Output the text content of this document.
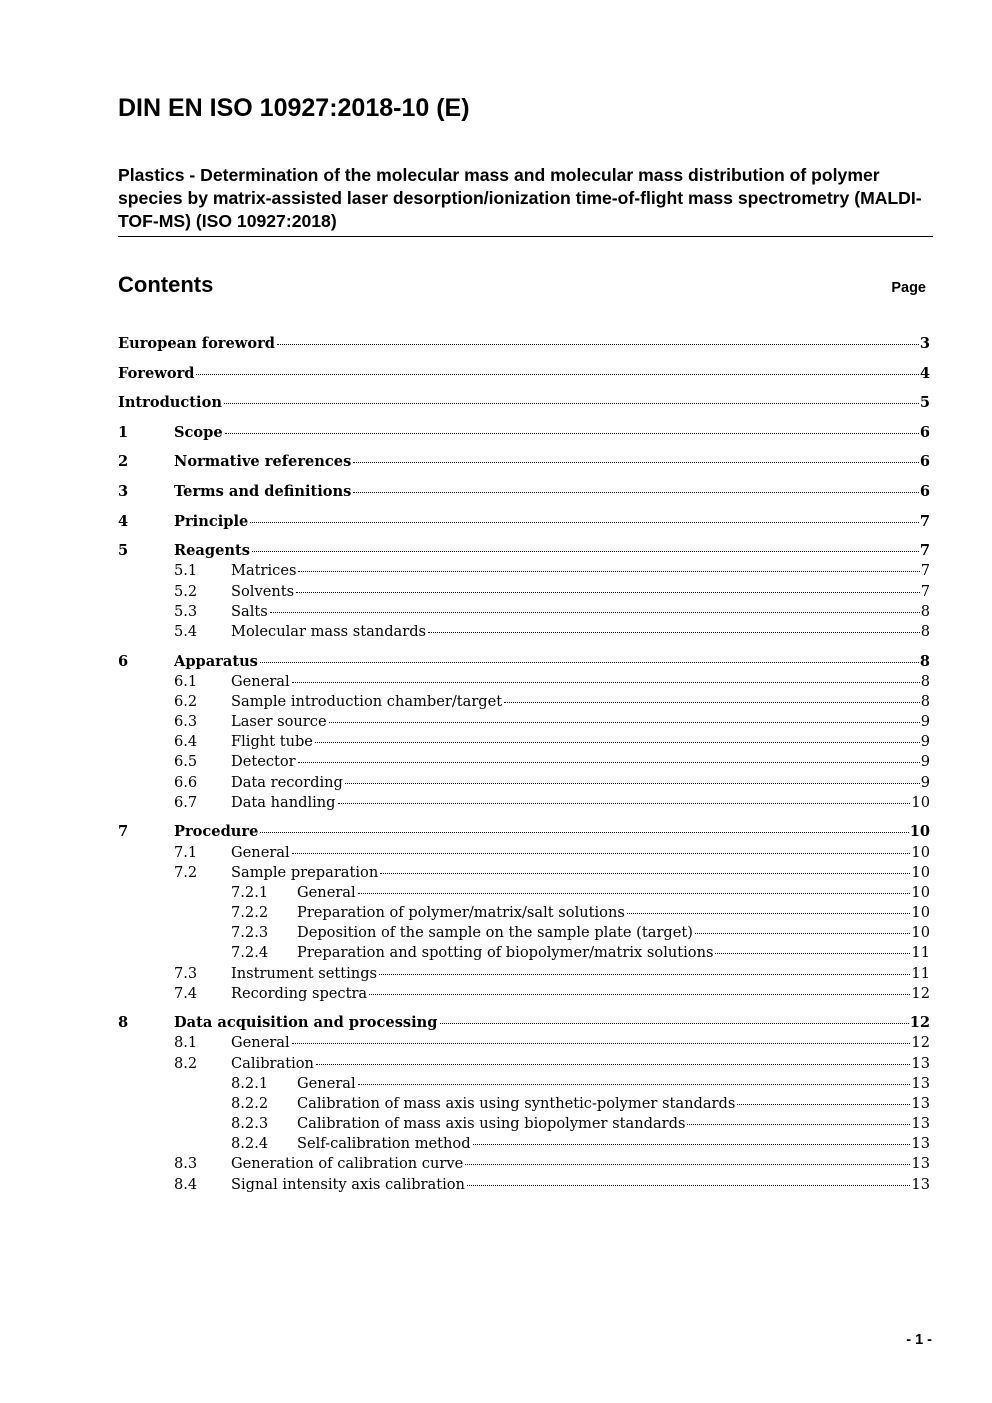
DIN EN ISO 10927:2018-10 (E)
Plastics - Determination of the molecular mass and molecular mass distribution of polymer species by matrix-assisted laser desorption/ionization time-of-flight mass spectrometry (MALDI-TOF-MS) (ISO 10927:2018)
Contents	Page
European foreword	3
Foreword	4
Introduction	5
1	Scope	6
2	Normative references	6
3	Terms and definitions	6
4	Principle	7
5	Reagents	7
5.1	Matrices	7
5.2	Solvents	7
5.3	Salts	8
5.4	Molecular mass standards	8
6	Apparatus	8
6.1	General	8
6.2	Sample introduction chamber/target	8
6.3	Laser source	9
6.4	Flight tube	9
6.5	Detector	9
6.6	Data recording	9
6.7	Data handling	10
7	Procedure	10
7.1	General	10
7.2	Sample preparation	10
7.2.1	General	10
7.2.2	Preparation of polymer/matrix/salt solutions	10
7.2.3	Deposition of the sample on the sample plate (target)	10
7.2.4	Preparation and spotting of biopolymer/matrix solutions	11
7.3	Instrument settings	11
7.4	Recording spectra	12
8	Data acquisition and processing	12
8.1	General	12
8.2	Calibration	13
8.2.1	General	13
8.2.2	Calibration of mass axis using synthetic-polymer standards	13
8.2.3	Calibration of mass axis using biopolymer standards	13
8.2.4	Self-calibration method	13
8.3	Generation of calibration curve	13
8.4	Signal intensity axis calibration	13
- 1 -
